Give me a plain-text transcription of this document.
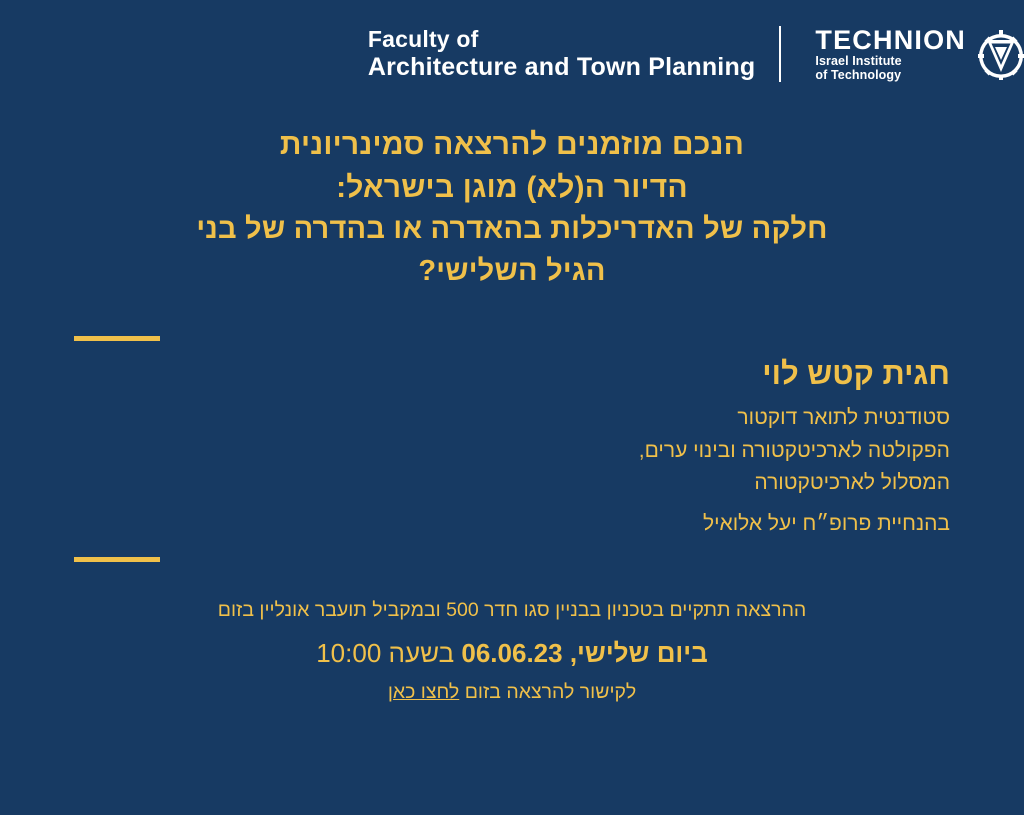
TECHNION
Israel Institute
of Technology
Faculty of
Architecture and Town Planning
הנכם מוזמנים להרצאה סמינריונית
הדיור ה(לא) מוגן בישראל:
חלקה של האדריכלות בהאדרה או בהדרה של בני
הגיל השלישי?
חגית קטש לוי
סטודנטית לתואר דוקטור
הפקולטה לארכיטקטורה ובינוי ערים,
המסלול לארכיטקטורה
בהנחיית פרופ״ח יעל אלואיל
ההרצאה תתקיים בטכניון בבניין סגו חדר 500 ובמקביל תועבר אונליין בזום
ביום שלישי, 06.06.23 בשעה 10:00
לקישור להרצאה בזום לחצו כאן
